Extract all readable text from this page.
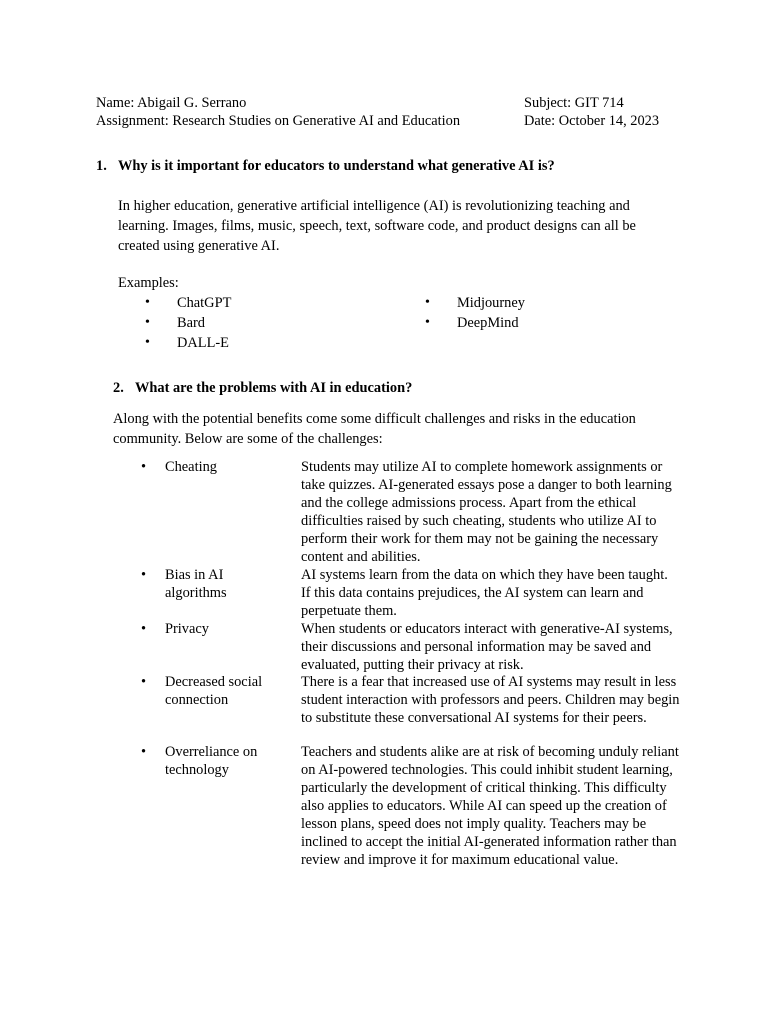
Name: Abigail G. Serrano
Assignment: Research Studies on Generative AI and Education
Subject: GIT 714
Date: October 14, 2023
1. Why is it important for educators to understand what generative AI is?
In higher education, generative artificial intelligence (AI) is revolutionizing teaching and
learning. Images, films, music, speech, text, software code, and product designs can all be
created using generative AI.
Examples:
• ChatGPT
• Bard
• DALL-E
• Midjourney
• DeepMind
2. What are the problems with AI in education?
Along with the potential benefits come some difficult challenges and risks in the education
community. Below are some of the challenges:
• Cheating	Students may utilize AI to complete homework assignments or take quizzes. AI-generated essays pose a danger to both learning and the college admissions process. Apart from the ethical difficulties raised by such cheating, students who utilize AI to perform their work for them may not be gaining the necessary content and abilities.
• Bias in AI algorithms
AI systems learn from the data on which they have been taught. If this data contains prejudices, the AI system can learn and perpetuate them.
• Privacy	When students or educators interact with generative-AI systems, their discussions and personal information may be saved and evaluated, putting their privacy at risk.
• Decreased social connection
There is a fear that increased use of AI systems may result in less student interaction with professors and peers. Children may begin to substitute these conversational AI systems for their peers.
• Overreliance on technology
Teachers and students alike are at risk of becoming unduly reliant on AI-powered technologies. This could inhibit student learning, particularly the development of critical thinking. This difficulty also applies to educators. While AI can speed up the creation of lesson plans, speed does not imply quality. Teachers may be inclined to accept the initial AI-generated information rather than review and improve it for maximum educational value.
